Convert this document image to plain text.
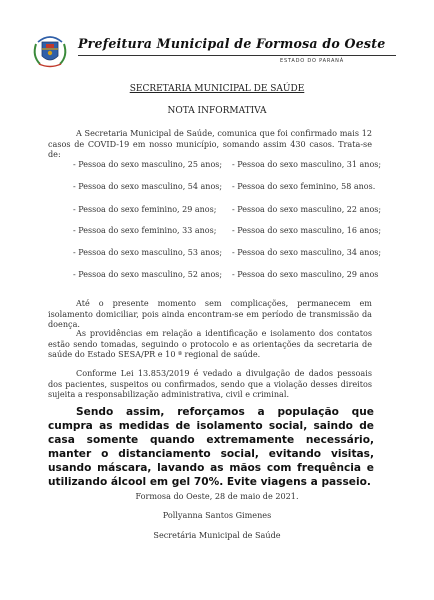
Prefeitura Municipal de Formosa do Oeste
ESTADO DO PARANÁ
SECRETARIA MUNICIPAL DE SAÚDE
NOTA INFORMATIVA

A Secretaria Municipal de Saúde, comunica que foi confirmado mais 12 casos de COVID-19 em nosso município, somando assim 430 casos. Trata-se de:

- Pessoa do sexo masculino, 25 anos;
- Pessoa do sexo masculino, 54 anos;
- Pessoa do sexo feminino, 29 anos;
- Pessoa do sexo feminino, 33 anos;
- Pessoa do sexo masculino, 53 anos;
- Pessoa do sexo masculino, 52 anos;
- Pessoa do sexo masculino, 31 anos;
- Pessoa do sexo feminino, 58 anos.
- Pessoa do sexo masculino, 22 anos;
- Pessoa do sexo masculino, 16 anos;
- Pessoa do sexo masculino, 34 anos;
- Pessoa do sexo masculino, 29 anos

Até o presente momento sem complicações, permanecem em isolamento domiciliar, pois ainda encontram-se em período de transmissão da doença.

As providências em relação a identificação e isolamento dos contatos estão sendo tomadas, seguindo o protocolo e as orientações da secretaria de saúde do Estado SESA/PR e 10 ª regional de saúde.

Conforme Lei 13.853/2019 é vedado a divulgação de dados pessoais dos pacientes, suspeitos ou confirmados, sendo que a violação desses direitos sujeita a responsabilização administrativa, civil e criminal.

Sendo assim, reforçamos a população que cumpra as medidas de isolamento social, saindo de casa somente quando extremamente necessário, manter o distanciamento social, evitando visitas, usando máscara, lavando as mãos com frequência e utilizando álcool em gel 70%. Evite viagens a passeio.

Formosa do Oeste, 28 de maio de 2021.
Pollyanna Santos Gimenes
Secretária Municipal de Saúde
